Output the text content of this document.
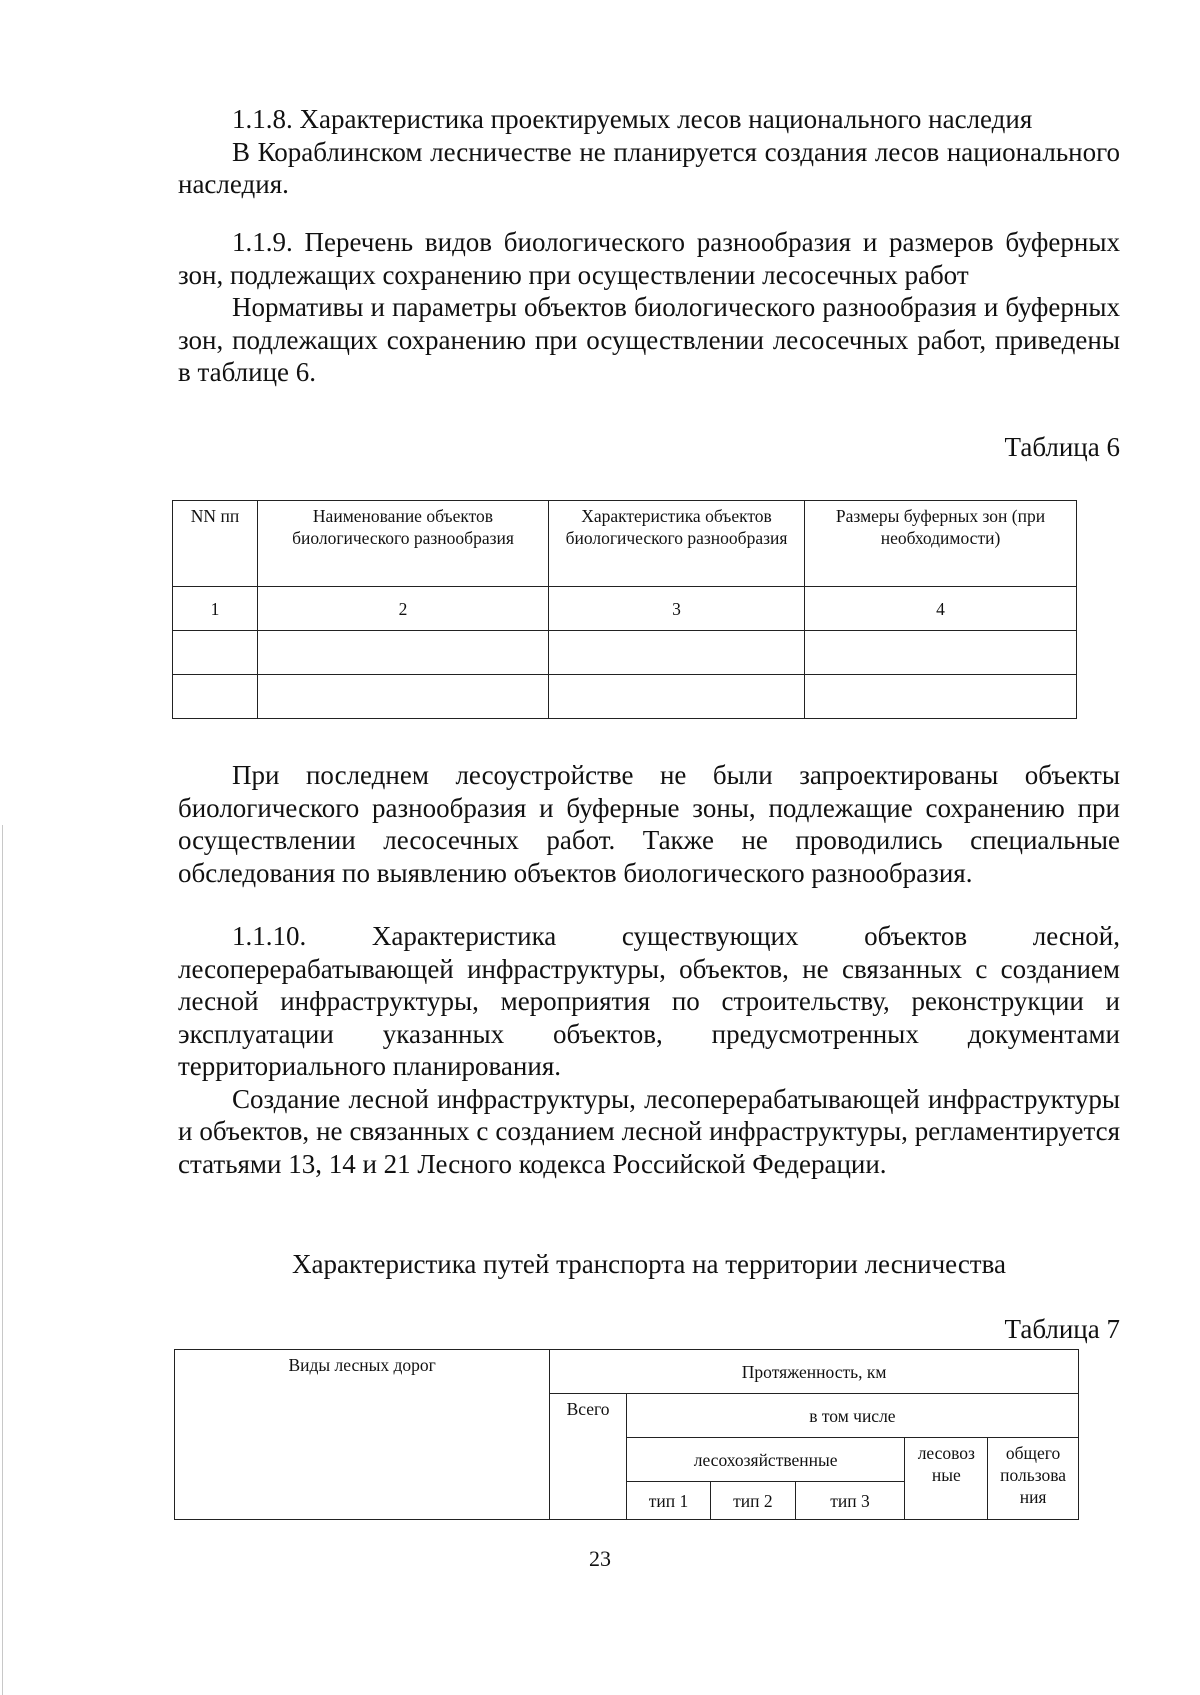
1.1.8. Характеристика проектируемых лесов национального наследия

В Кораблинском лесничестве не планируется создания лесов национального наследия.

1.1.9. Перечень видов биологического разнообразия и размеров буферных зон, подлежащих сохранению при осуществлении лесосечных работ

Нормативы и параметры объектов биологического разнообразия и буферных зон, подлежащих сохранению при осуществлении лесосечных работ, приведены в таблице 6.

Таблица 6
NN пп	Наименование объектов биологического разнообразия	Характеристика объектов биологического разнообразия	Размеры буферных зон (при необходимости)
1	2	3	4

При последнем лесоустройстве не были запроектированы объекты биологического разнообразия и буферные зоны, подлежащие сохранению при осуществлении лесосечных работ. Также не проводились специальные обследования по выявлению объектов биологического разнообразия.

1.1.10. Характеристика существующих объектов лесной, лесоперерабатывающей инфраструктуры, объектов, не связанных с созданием лесной инфраструктуры, мероприятия по строительству, реконструкции и эксплуатации указанных объектов, предусмотренных документами территориального планирования.

Создание лесной инфраструктуры, лесоперерабатывающей инфраструктуры и объектов, не связанных с созданием лесной инфраструктуры, регламентируется статьями 13, 14 и 21 Лесного кодекса Российской Федерации.

Характеристика путей транспорта на территории лесничества
Таблица 7
Виды лесных дорог	Протяженность, км					
	Всего	в том числе				
		лесохозяйственные			лесовоз ные	общего пользова ния
		тип 1	тип 2	тип 3		
23
